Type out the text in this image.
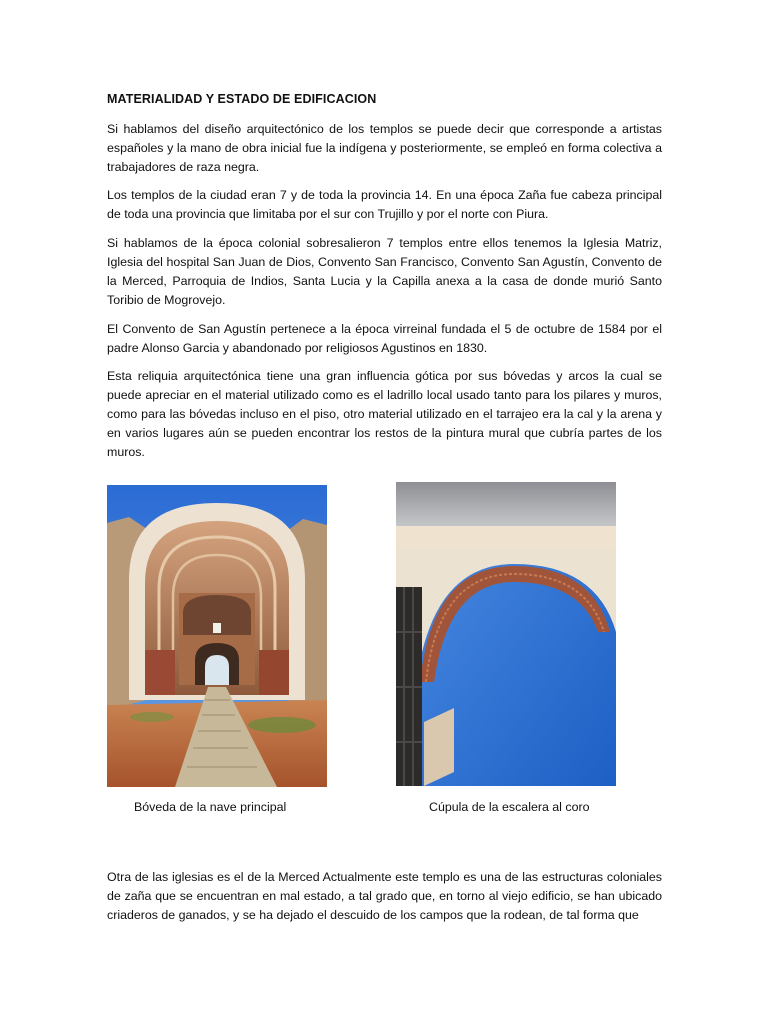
MATERIALIDAD Y ESTADO DE EDIFICACION

Si hablamos del diseño arquitectónico de los templos se puede decir que corresponde a artistas españoles y la mano de obra inicial fue la indígena y posteriormente, se empleó en forma colectiva a trabajadores de raza negra.

Los templos de la ciudad eran 7 y de toda la provincia 14. En una época Zaña fue cabeza principal de toda una provincia que limitaba por el sur con Trujillo y por el norte con Piura.

Si hablamos de la época colonial sobresalieron 7 templos entre ellos tenemos la Iglesia Matriz, Iglesia del hospital San Juan de Dios, Convento San Francisco, Convento San Agustín, Convento de la Merced, Parroquia de Indios, Santa Lucia y la Capilla anexa a la casa de donde murió Santo Toribio de Mogrovejo.

El Convento de San Agustín pertenece a la época virreinal fundada el 5 de octubre de 1584 por el padre Alonso Garcia y abandonado por religiosos Agustinos en 1830.

Esta reliquia arquitectónica tiene una gran influencia gótica por sus bóvedas y arcos la cual se puede apreciar en el material utilizado como es el ladrillo local usado tanto para los pilares y muros, como para las bóvedas incluso en el piso, otro material utilizado en el tarrajeo era la cal y la arena y en varios lugares aún se pueden encontrar los restos de la pintura mural que cubría partes de los muros.

Bóveda de la nave principal	Cúpula de la escalera al coro

Otra de las iglesias es el de la Merced Actualmente este templo es una de las estructuras coloniales de zaña que se encuentran en mal estado, a tal grado que, en torno al viejo edificio, se han ubicado criaderos de ganados, y se ha dejado el descuido de los campos que la rodean, de tal forma que
